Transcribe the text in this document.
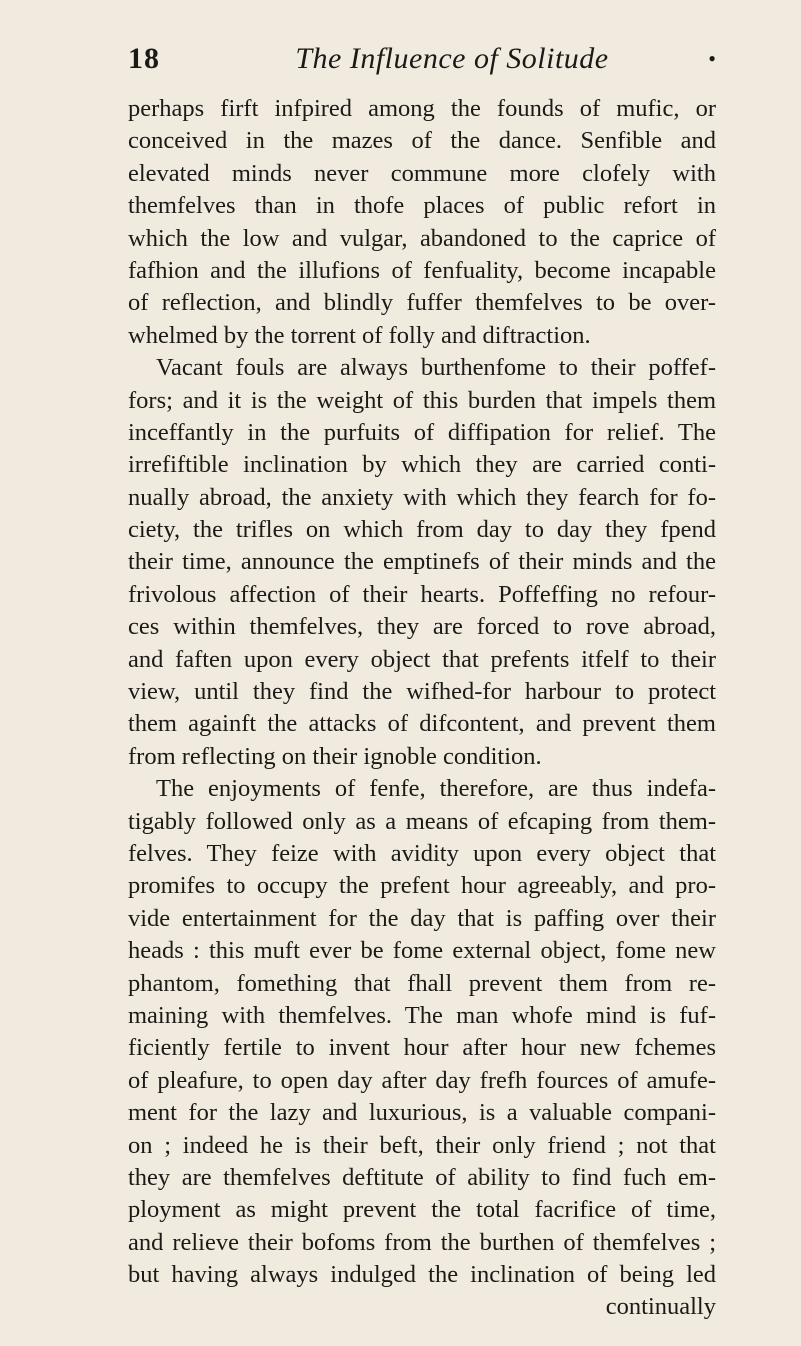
18	The Influence of Solitude	•
perhaps firft infpired among the founds of mufic, or
conceived in the mazes of the dance. Senfible and
elevated minds never commune more clofely with
themfelves than in thofe places of public refort in
which the low and vulgar, abandoned to the caprice of
fafhion and the illufions of fenfuality, become incapable
of reflection, and blindly fuffer themfelves to be over-
whelmed by the torrent of folly and diftraction.
Vacant fouls are always burthenfome to their poffef-
fors; and it is the weight of this burden that impels them
inceffantly in the purfuits of diffipation for relief. The
irrefiftible inclination by which they are carried conti-
nually abroad, the anxiety with which they fearch for fo-
ciety, the trifles on which from day to day they fpend
their time, announce the emptinefs of their minds and the
frivolous affection of their hearts. Poffeffing no refour-
ces within themfelves, they are forced to rove abroad,
and faften upon every object that prefents itfelf to their
view, until they find the wifhed-for harbour to protect
them againft the attacks of difcontent, and prevent them
from reflecting on their ignoble condition.
The enjoyments of fenfe, therefore, are thus indefa-
tigably followed only as a means of efcaping from them-
felves. They feize with avidity upon every object that
promifes to occupy the prefent hour agreeably, and pro-
vide entertainment for the day that is paffing over their
heads : this muft ever be fome external object, fome new
phantom, fomething that fhall prevent them from re-
maining with themfelves. The man whofe mind is fuf-
ficiently fertile to invent hour after hour new fchemes
of pleafure, to open day after day frefh fources of amufe-
ment for the lazy and luxurious, is a valuable compani-
on ; indeed he is their beft, their only friend ; not that
they are themfelves deftitute of ability to find fuch em-
ployment as might prevent the total facrifice of time,
and relieve their bofoms from the burthen of themfelves ;
but having always indulged the inclination of being led
continually
